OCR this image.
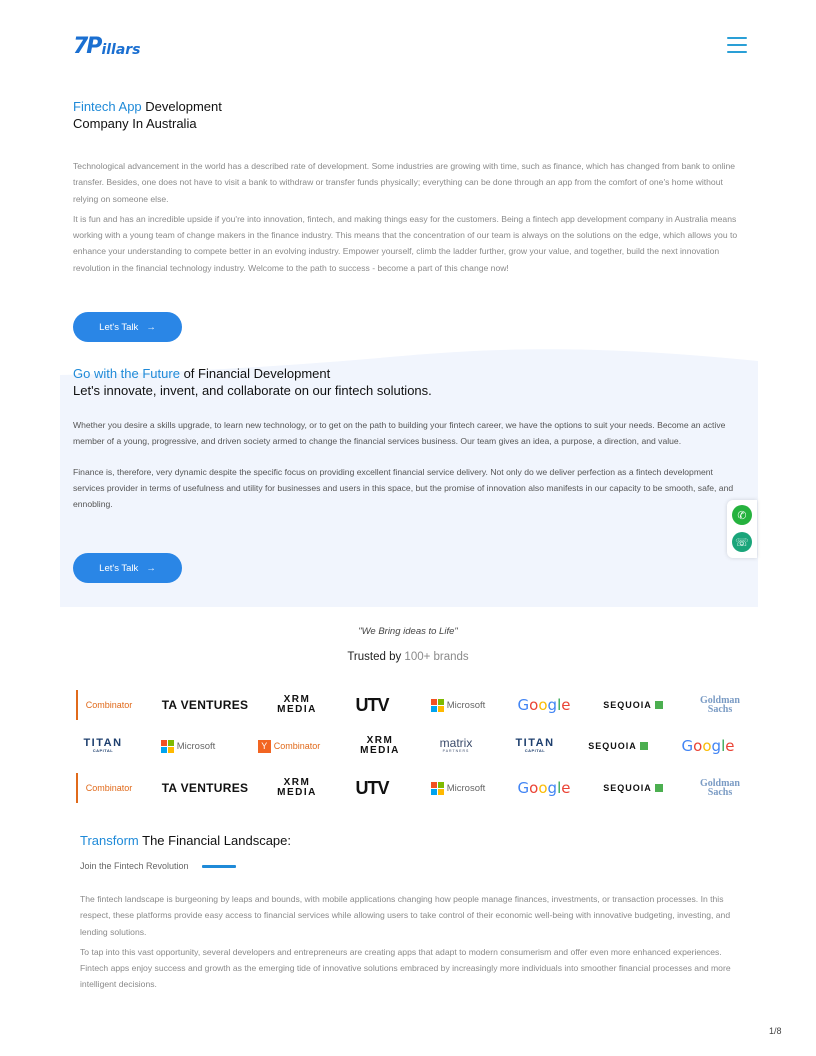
7P illars
Fintech App Development
Company In Australia

Technological advancement in the world has a described rate of development. Some industries are growing with time, such as finance, which has changed from bank to online transfer. Besides, one does not have to visit a bank to withdraw or transfer funds physically; everything can be done through an app from the comfort of one's home without relying on someone else.

It is fun and has an incredible upside if you're into innovation, fintech, and making things easy for the customers. Being a fintech app development company in Australia means working with a young team of change makers in the finance industry. This means that the concentration of our team is always on the solutions on the edge, which allows you to enhance your understanding to compete better in an evolving industry. Empower yourself, climb the ladder further, grow your value, and together, build the next innovation revolution in the financial technology industry. Welcome to the path to success - become a part of this change now!

Let's Talk →
Go with the Future of Financial Development
Let's innovate, invent, and collaborate on our fintech solutions.

Whether you desire a skills upgrade, to learn new technology, or to get on the path to building your fintech career, we have the options to suit your needs. Become an active member of a young, progressive, and driven society armed to change the financial services business. Our team gives an idea, a purpose, a direction, and value.

Finance is, therefore, very dynamic despite the specific focus on providing excellent financial service delivery. Not only do we deliver perfection as a fintech development services provider in terms of usefulness and utility for businesses and users in this space, but the promise of innovation also manifests in our capacity to be smooth, safe, and ennobling.

Let's Talk →
✆
☏
"We Bring ideas to Life"
Trusted by 100+ brands
Combinator	TA VENTURES	XRM
MEDIA	UTV	Microsoft G o o g l e	SEQUOIA	Goldman
Sachs
TITAN
CAPITAL	Microsoft	Y Combinator	XRM
MEDIA
matrix
PARTNERS
TITAN
CAPITAL	SEQUOIA	G o o g l e
Combinator	TA VENTURES	XRM
MEDIA	UTV	Microsoft G o o g l e	SEQUOIA	Goldman
Sachs
Transform The Financial Landscape:
Join the Fintech Revolution

The fintech landscape is burgeoning by leaps and bounds, with mobile applications changing how people manage finances, investments, or transaction processes. In this respect, these platforms provide easy access to financial services while allowing users to take control of their economic well-being with innovative budgeting, investing, and lending solutions.

To tap into this vast opportunity, several developers and entrepreneurs are creating apps that adapt to modern consumerism and offer even more enhanced experiences. Fintech apps enjoy success and growth as the emerging tide of innovative solutions embraced by increasingly more individuals into smoother financial processes and more intelligent decisions.

1/8
